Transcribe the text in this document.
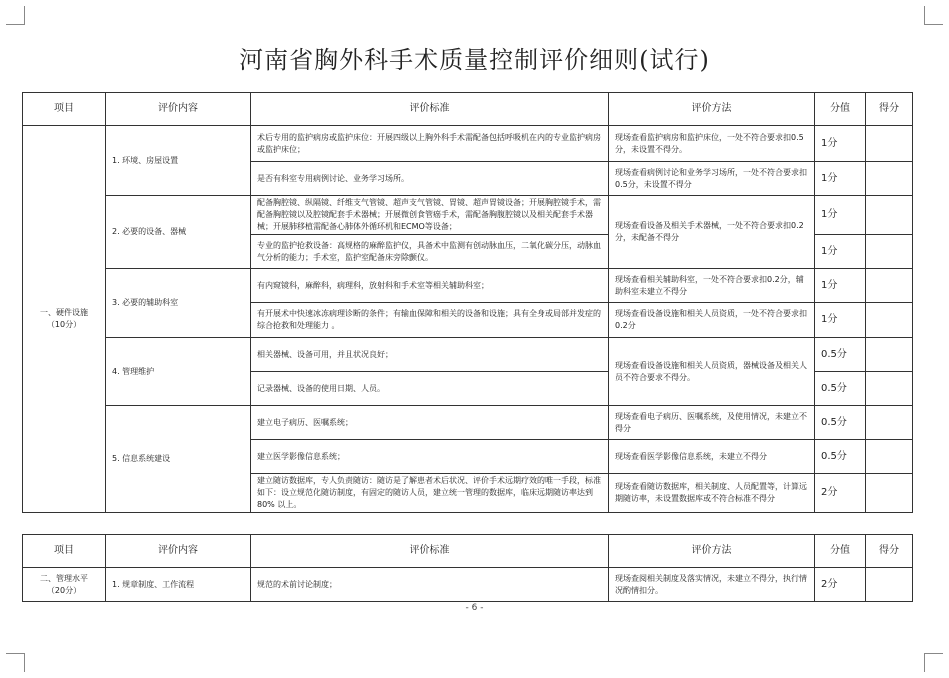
河南省胸外科手术质量控制评价细则(试行)
项目	评价内容	评价标准	评价方法	分值	得分

一、硬件设施
（10分）	1. 环境、房屋设置	术后专用的监护病房或监护床位：开展四级以上胸外科手术需配备包括呼吸机在内的专业监护病房或监护床位；	现场查看监护病房和监护床位，一处不符合要求扣0.5分，未设置不得分。	1分	
		是否有科室专用病例讨论、业务学习场所。	现场查看病例讨论和业务学习场所，一处不符合要求扣0.5分，未设置不得分	1分	
	2. 必要的设备、器械	配备胸腔镜、纵隔镜、纤维支气管镜、超声支气管镜、胃镜、超声胃镜设备；开展胸腔镜手术，需配备胸腔镜以及腔镜配套手术器械；开展微创食管癌手术，需配备胸腹腔镜以及相关配套手术器械；开展肺移植需配备心肺体外循环机和ECMO等设备；	现场查看设备及相关手术器械，一处不符合要求扣0.2分，未配备不得分	1分	
		专业的监护抢救设备：高规格的麻醉监护仪，具备术中监测有创动脉血压，二氧化碳分压，动脉血气分析的能力；手术室，监护室配备床旁除颤仪。		1分	
	3. 必要的辅助科室	有内窥镜科，麻醉科，病理科，放射科和手术室等相关辅助科室；	现场查看相关辅助科室，一处不符合要求扣0.2分，辅助科室未建立不得分	1分	
		有开展术中快速冰冻病理诊断的条件；有输血保障和相关的设备和设施；具有全身或局部并发症的综合抢救和处理能力 。	现场查看设备设施和相关人员资质，一处不符合要求扣0.2分	1分	
	4. 管理维护	相关器械、设备可用，并且状况良好；	现场查看设备设施和相关人员资质，器械设备及相关人员不符合要求不得分。	0.5分	
		记录器械、设备的使用日期、人员。		0.5分	
	5. 信息系统建设	建立电子病历、医嘱系统；	现场查看电子病历、医嘱系统，及使用情况，未建立不得分	0.5分	
		建立医学影像信息系统；	现场查看医学影像信息系统，未建立不得分	0.5分	
		建立随访数据库，专人负责随访：随访是了解患者术后状况、评价手术远期疗效的唯一手段，标准如下：设立规范化随访制度，有固定的随访人员，建立统一管理的数据库，临床远期随访率达到 80% 以上。	现场查看随访数据库，相关制度、人员配置等，计算远期随访率，未设置数据库或不符合标准不得分	2分	
项目	评价内容	评价标准	评价方法	分值	得分

二、管理水平
（20分）	1. 规章制度、工作流程	规范的术前讨论制度；	现场查阅相关制度及落实情况，未建立不得分，执行情况酌情扣分。	2分	
- 6 -
